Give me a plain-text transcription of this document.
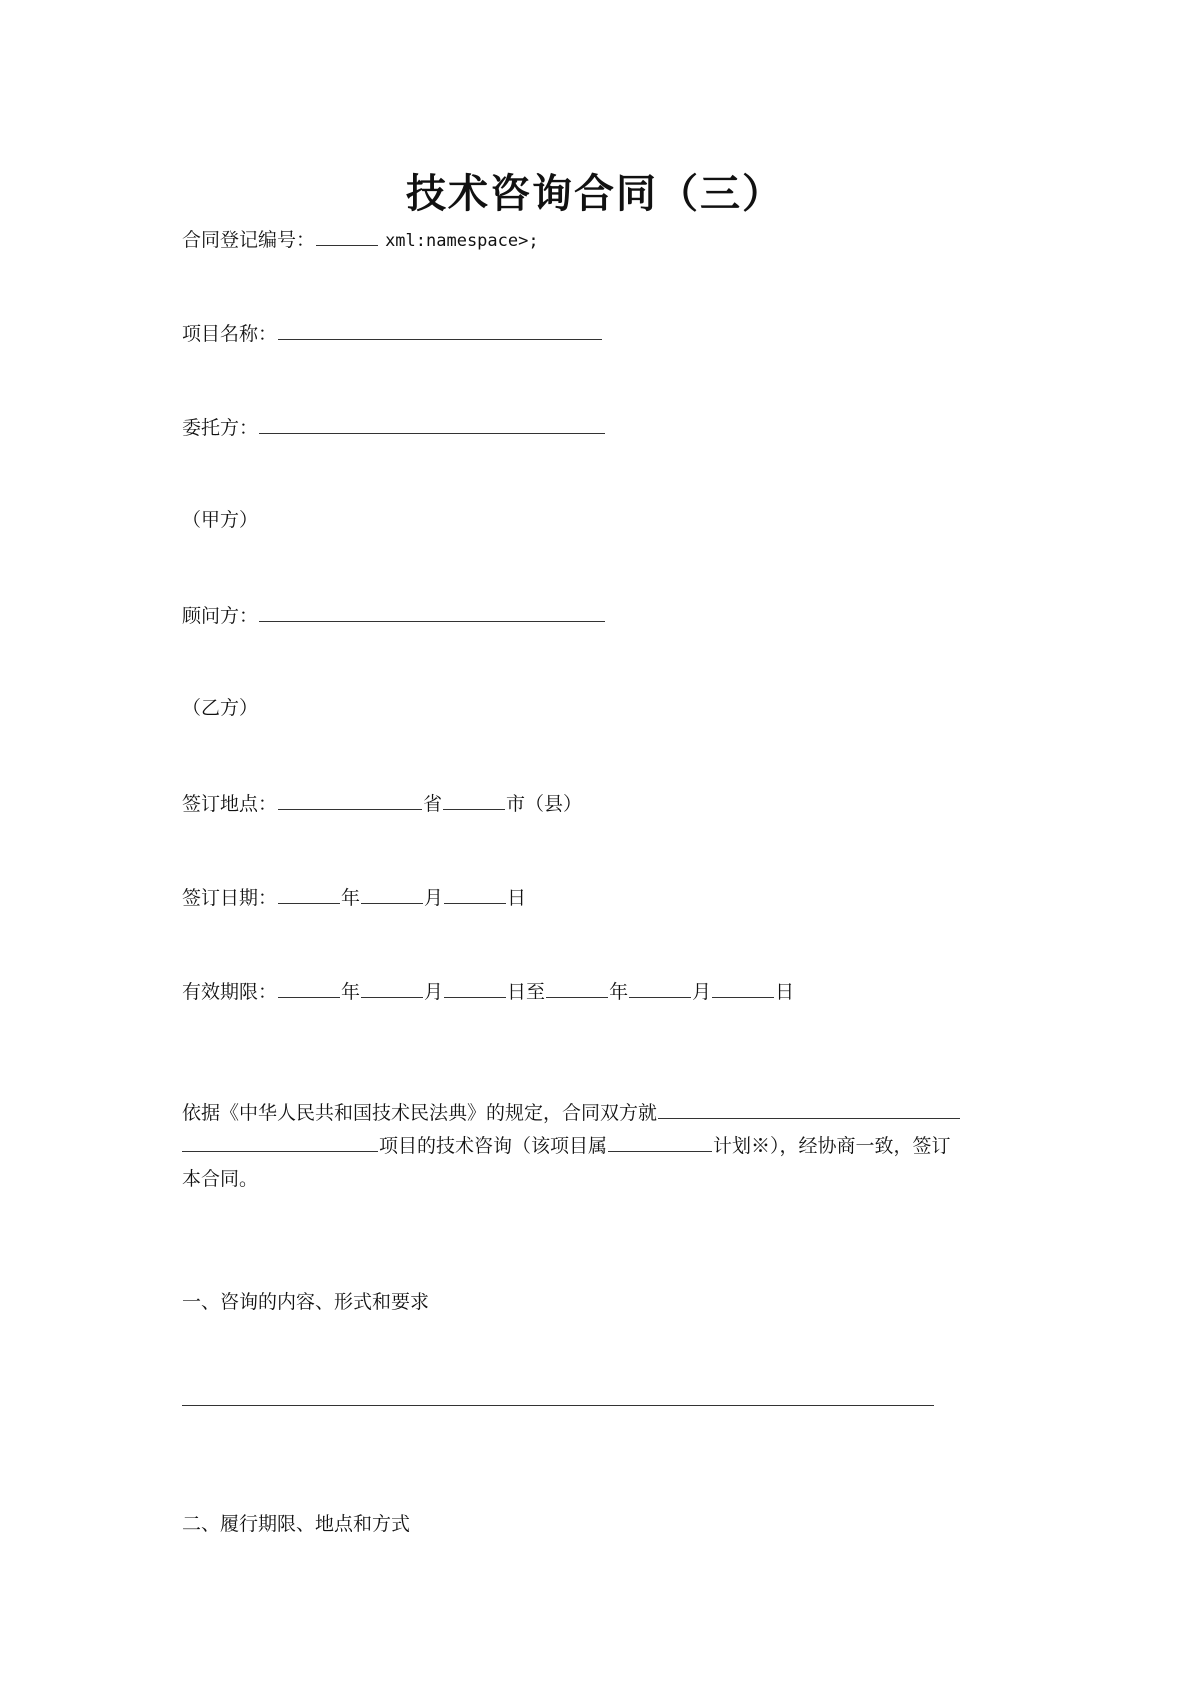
技术咨询合同（三）
合同登记编号：	xml:namespace>;
项目名称：
委托方：
（甲方）
顾问方：
（乙方）
签订地点：	省	市（县）
签订日期：	年	月	日
有效期限：	年	月	日至	年	月	日
依据《中华人民共和国技术民法典》的规定，合同双方就
项目的技术咨询（该项目属	计划※），经协商一致，签订
本合同。
一、咨询的内容、形式和要求
二、履行期限、地点和方式
